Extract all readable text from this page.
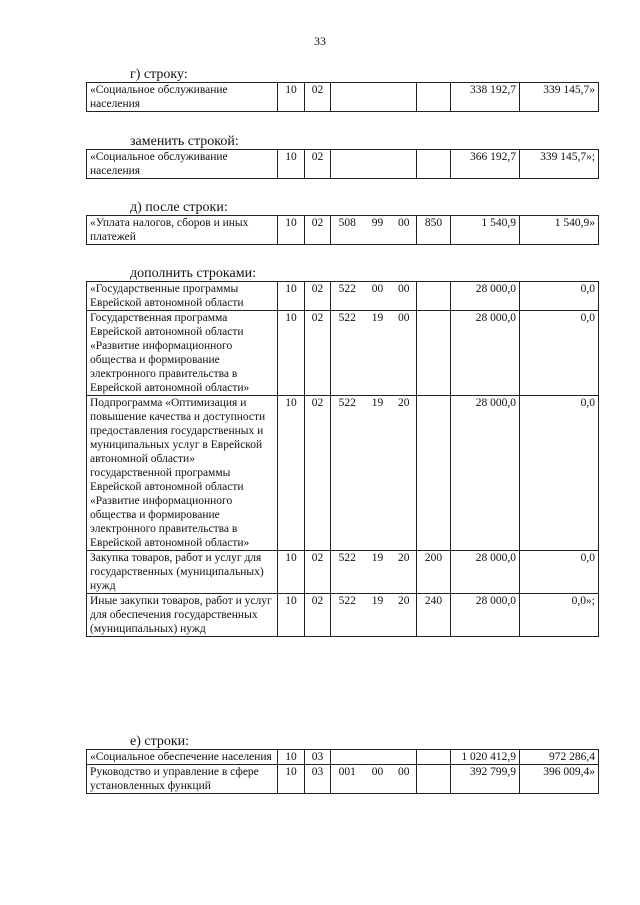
33
г) строку:
«Социальное обслуживание населения	10	02			338 192,7	339 145,7»
заменить строкой:
«Социальное обслуживание населения	10	02			366 192,7	339 145,7»;
д) после строки:
«Уплата налогов, сборов и иных платежей	10	02	508	99	00	850	1 540,9	1 540,9»
дополнить строками:
«Государственные программы Еврейской автономной области	10	02	522	00	00		28 000,0	0,0
Государственная программа Еврейской автономной области «Развитие информационного общества и формирование электронного правительства в Еврейской автономной области»	10	02	522	19	00		28 000,0	0,0
Подпрограмма «Оптимизация и повышение качества и доступности предоставления государственных и муниципальных услуг в Еврейской автономной области» государственной программы Еврейской автономной области «Развитие информационного общества и формирование электронного правительства в Еврейской автономной области»	10	02	522	19	20		28 000,0	0,0
Закупка товаров, работ и услуг для государственных (муниципальных) нужд	10	02	522	19	20	200	28 000,0	0,0
Иные закупки товаров, работ и услуг для обеспечения государственных (муниципальных) нужд	10	02	522	19	20	240	28 000,0	0,0»;
е) строки:
«Социальное обеспечение населения	10	03					1 020 412,9	972 286,4
Руководство и управление в сфере установленных функций	10	03	001	00	00		392 799,9	396 009,4»
